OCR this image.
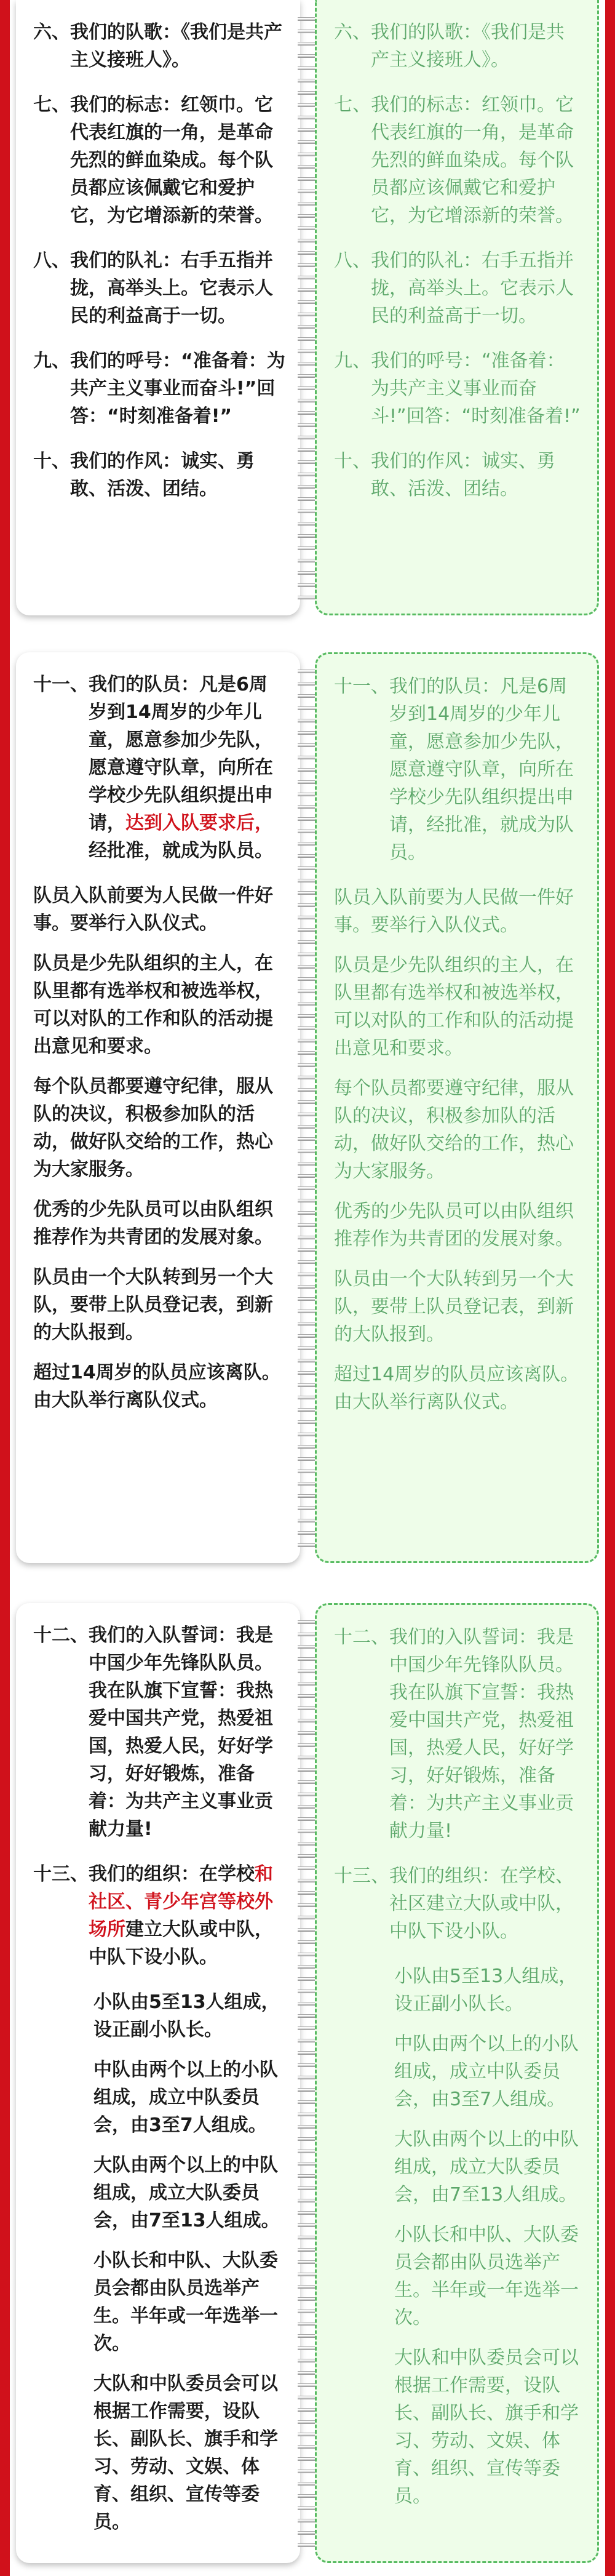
六、 我们的队歌：《我们是共产主义接班人》。
七、 我们的标志：红领巾。它代表红旗的一角，是革命先烈的鲜血染成。每个队员都应该佩戴它和爱护它，为它增添新的荣誉。
八、 我们的队礼：右手五指并拢，高举头上。它表示人民的利益高于一切。
九、 我们的呼号：“准备着：为共产主义事业而奋斗!”回答：“时刻准备着!”
十、 我们的作风：诚实、勇敢、活泼、团结。
六、 我们的队歌：《我们是共产主义接班人》。
七、 我们的标志：红领巾。它代表红旗的一角，是革命先烈的鲜血染成。每个队员都应该佩戴它和爱护它，为它增添新的荣誉。
八、 我们的队礼：右手五指并拢，高举头上。它表示人民的利益高于一切。
九、 我们的呼号：“准备着：为共产主义事业而奋斗!”回答：“时刻准备着!”
十、 我们的作风：诚实、勇敢、活泼、团结。
十一、 我们的队员：凡是6周岁到14周岁的少年儿童，愿意参加少先队，愿意遵守队章，向所在学校少先队组织提出申请，达到入队要求后，经批准，就成为队员。

队员入队前要为人民做一件好事。要举行入队仪式。

队员是少先队组织的主人，在队里都有选举权和被选举权，可以对队的工作和队的活动提出意见和要求。

每个队员都要遵守纪律，服从队的决议，积极参加队的活动，做好队交给的工作，热心为大家服务。

优秀的少先队员可以由队组织推荐作为共青团的发展对象。

队员由一个大队转到另一个大队，要带上队员登记表，到新的大队报到。

超过14周岁的队员应该离队。由大队举行离队仪式。

十一、 我们的队员：凡是6周岁到14周岁的少年儿童，愿意参加少先队，愿意遵守队章，向所在学校少先队组织提出申请，经批准，就成为队员。

队员入队前要为人民做一件好事。要举行入队仪式。

队员是少先队组织的主人，在队里都有选举权和被选举权，可以对队的工作和队的活动提出意见和要求。

每个队员都要遵守纪律，服从队的决议，积极参加队的活动，做好队交给的工作，热心为大家服务。

优秀的少先队员可以由队组织推荐作为共青团的发展对象。

队员由一个大队转到另一个大队，要带上队员登记表，到新的大队报到。

超过14周岁的队员应该离队。由大队举行离队仪式。

十二、 我们的入队誓词：我是中国少年先锋队队员。我在队旗下宣誓：我热爱中国共产党，热爱祖国，热爱人民，好好学习，好好锻炼，准备着：为共产主义事业贡献力量!
十三、 我们的组织：在学校和社区、青少年宫等校外场所建立大队或中队，中队下设小队。

小队由5至13人组成，设正副小队长。

中队由两个以上的小队组成，成立中队委员会，由3至7人组成。

大队由两个以上的中队组成，成立大队委员会，由7至13人组成。

小队长和中队、大队委员会都由队员选举产生。半年或一年选举一次。

大队和中队委员会可以根据工作需要，设队长、副队长、旗手和学习、劳动、文娱、体育、组织、宣传等委员。

十二、 我们的入队誓词：我是中国少年先锋队队员。我在队旗下宣誓：我热爱中国共产党，热爱祖国，热爱人民，好好学习，好好锻炼，准备着：为共产主义事业贡献力量!
十三、 我们的组织：在学校、社区建立大队或中队，中队下设小队。

小队由5至13人组成，设正副小队长。

中队由两个以上的小队组成，成立中队委员会，由3至7人组成。

大队由两个以上的中队组成，成立大队委员会，由7至13人组成。

小队长和中队、大队委员会都由队员选举产生。半年或一年选举一次。

大队和中队委员会可以根据工作需要，设队长、副队长、旗手和学习、劳动、文娱、体育、组织、宣传等委员。
